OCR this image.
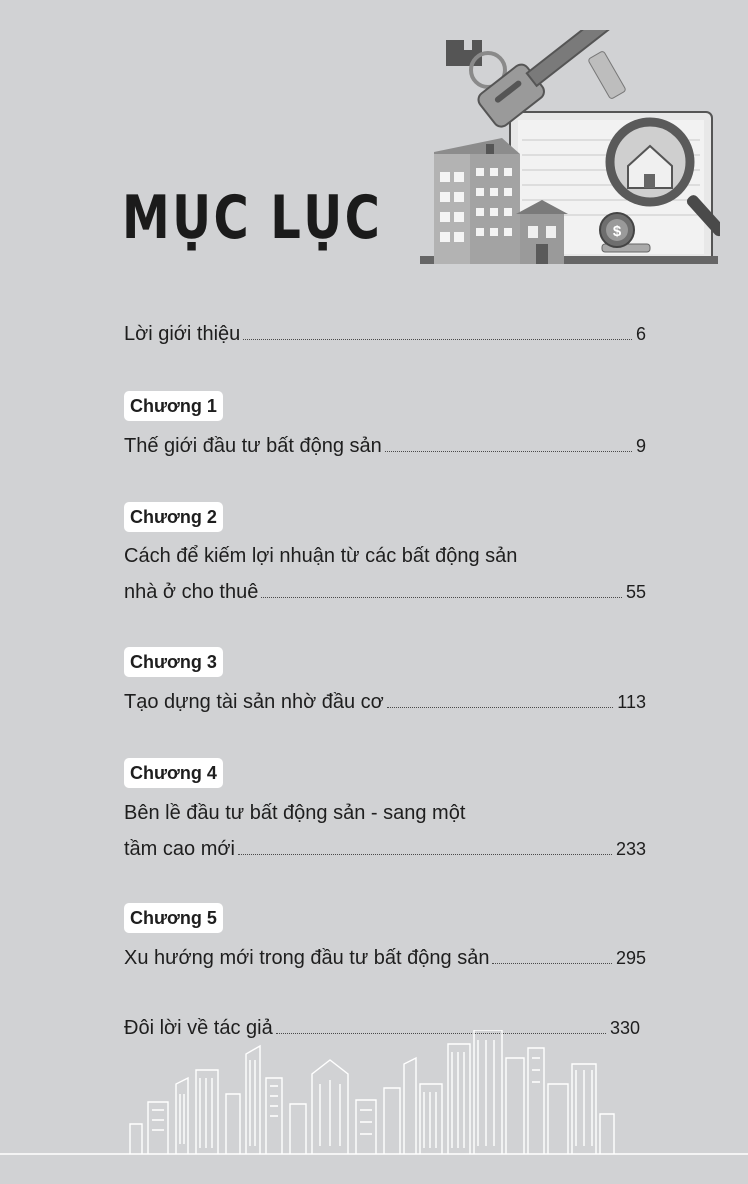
MỤC LỤC	$
Lời giới thiệu	6
Chương 1
Thế giới đầu tư bất động sản	9
Chương 2
Cách để kiếm lợi nhuận từ các bất động sản
nhà ở cho thuê	55
Chương 3
Tạo dựng tài sản nhờ đầu cơ	113
Chương 4
Bên lề đầu tư bất động sản - sang một
tầm cao mới	233
Chương 5
Xu hướng mới trong đầu tư bất động sản	295
Đôi lời về tác giả	330
